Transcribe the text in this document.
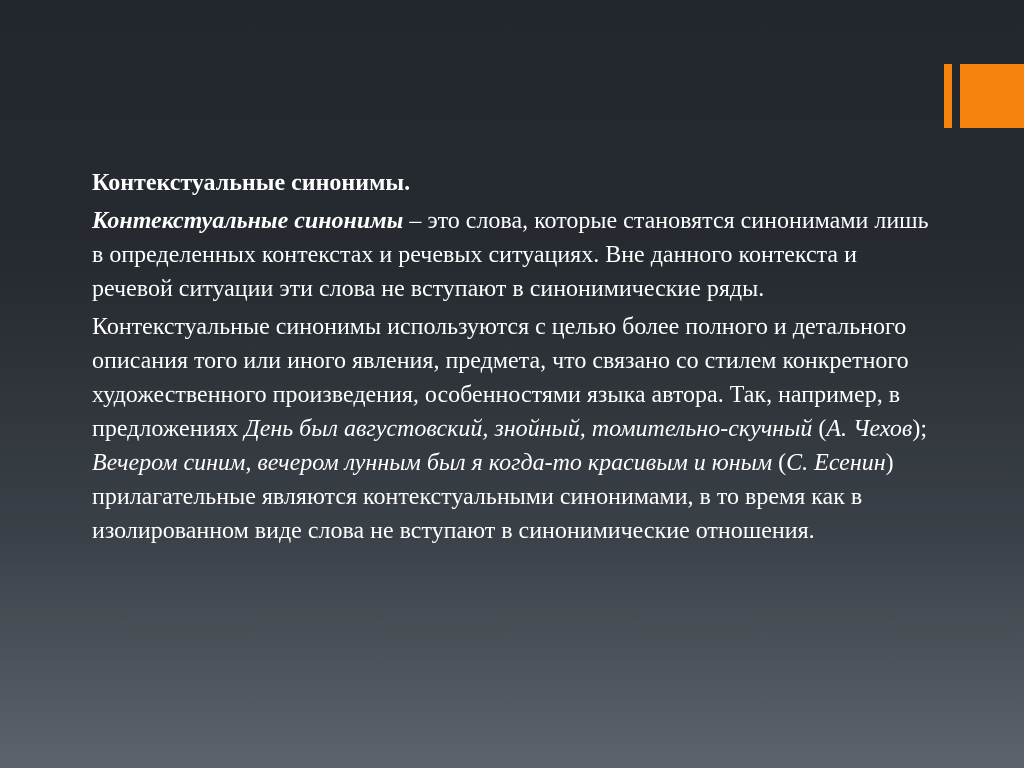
Контекстуальные синонимы.

Контекстуальные синонимы – это слова, которые становятся синонимами лишь в определенных контекстах и речевых ситуациях. Вне данного контекста и речевой ситуации эти слова не вступают в синонимические ряды.

Контекстуальные синонимы используются с целью более полного и детального описания того или иного явления, предмета, что связано со стилем конкретного художественного произведения, особенностями языка автора. Так, например, в предложениях День был августовский, знойный, томительно-скучный (А. Чехов); Вечером синим, вечером лунным был я когда-то красивым и юным (С. Есенин) прилагательные являются контекстуальными синонимами, в то время как в изолированном виде слова не вступают в синонимические отношения.
